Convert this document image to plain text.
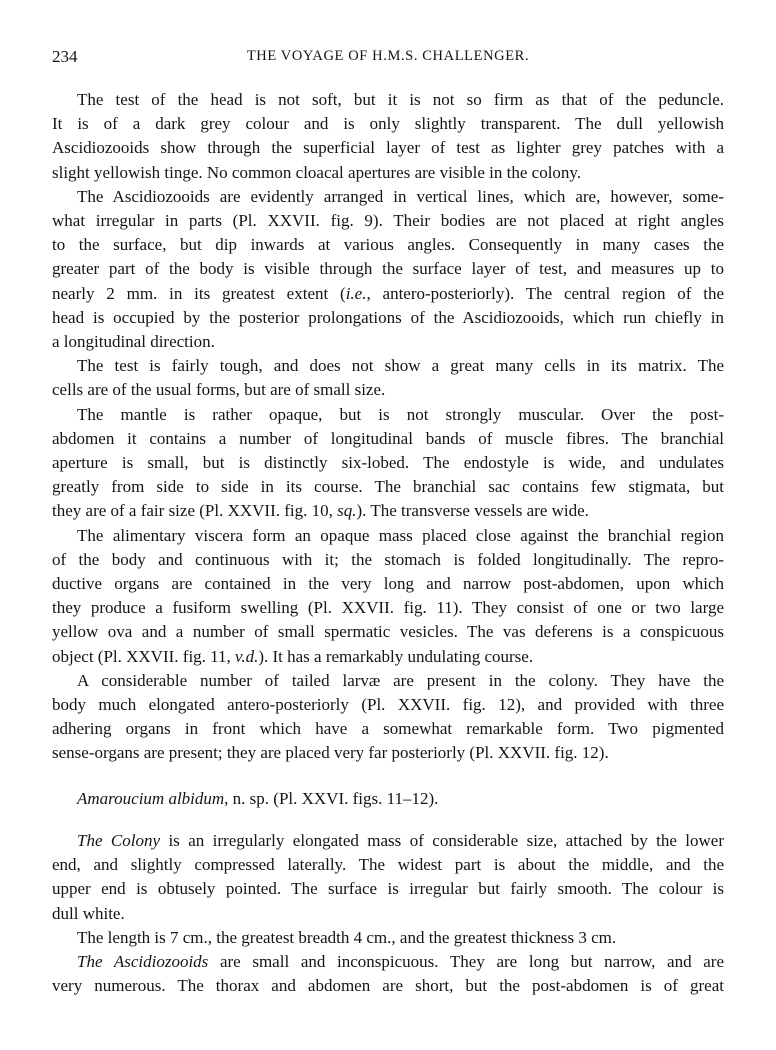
234	THE VOYAGE OF H.M.S. CHALLENGER.
The test of the head is not soft, but it is not so firm as that of the peduncle.
It is of a dark grey colour and is only slightly transparent. The dull yellowish
Ascidiozooids show through the superficial layer of test as lighter grey patches with a
slight yellowish tinge. No common cloacal apertures are visible in the colony.
The Ascidiozooids are evidently arranged in vertical lines, which are, however, some-
what irregular in parts (Pl. XXVII. fig. 9). Their bodies are not placed at right angles
to the surface, but dip inwards at various angles. Consequently in many cases the
greater part of the body is visible through the surface layer of test, and measures up to
nearly 2 mm. in its greatest extent (i.e., antero-posteriorly). The central region of the
head is occupied by the posterior prolongations of the Ascidiozooids, which run chiefly in
a longitudinal direction.
The test is fairly tough, and does not show a great many cells in its matrix. The
cells are of the usual forms, but are of small size.
The mantle is rather opaque, but is not strongly muscular. Over the post-
abdomen it contains a number of longitudinal bands of muscle fibres. The branchial
aperture is small, but is distinctly six-lobed. The endostyle is wide, and undulates
greatly from side to side in its course. The branchial sac contains few stigmata, but
they are of a fair size (Pl. XXVII. fig. 10, sq.). The transverse vessels are wide.
The alimentary viscera form an opaque mass placed close against the branchial region
of the body and continuous with it; the stomach is folded longitudinally. The repro-
ductive organs are contained in the very long and narrow post-abdomen, upon which
they produce a fusiform swelling (Pl. XXVII. fig. 11). They consist of one or two large
yellow ova and a number of small spermatic vesicles. The vas deferens is a conspicuous
object (Pl. XXVII. fig. 11, v.d.). It has a remarkably undulating course.
A considerable number of tailed larvæ are present in the colony. They have the
body much elongated antero-posteriorly (Pl. XXVII. fig. 12), and provided with three
adhering organs in front which have a somewhat remarkable form. Two pigmented
sense-organs are present; they are placed very far posteriorly (Pl. XXVII. fig. 12).
Amaroucium albidum, n. sp. (Pl. XXVI. figs. 11–12).
The Colony is an irregularly elongated mass of considerable size, attached by the lower
end, and slightly compressed laterally. The widest part is about the middle, and the
upper end is obtusely pointed. The surface is irregular but fairly smooth. The colour is
dull white.
The length is 7 cm., the greatest breadth 4 cm., and the greatest thickness 3 cm.
The Ascidiozooids are small and inconspicuous. They are long but narrow, and are
very numerous. The thorax and abdomen are short, but the post-abdomen is of great
